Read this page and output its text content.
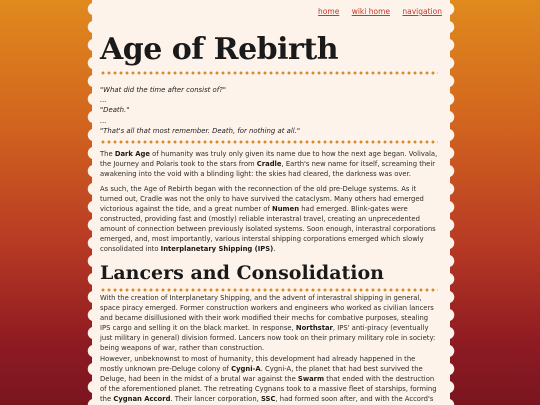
home wiki home navigation
Age of Rebirth
"What did the time after consist of?"
...
"Death."
...
"That's all that most remember. Death, for nothing at all."

The Dark Age of humanity was truly only given its name due to how the next age began. Volivala, the Journey and Polaris took to the stars from Cradle, Earth's new name for itself, screaming their awakening into the void with a blinding light: the skies had cleared, the darkness was over.

As such, the Age of Rebirth began with the reconnection of the old pre-Deluge systems. As it turned out, Cradle was not the only to have survived the cataclysm. Many others had emerged victorious against the tide, and a great number of Numen had emerged. Blink-gates were constructed, providing fast and (mostly) reliable interastral travel, creating an unprecedented amount of connection between previously isolated systems. Soon enough, interastral corporations emerged, and, most importantly, various interstal shipping corporations emerged which slowly consolidated into Interplanetary Shipping (IPS).

Lancers and Consolidation

With the creation of Interplanetary Shipping, and the advent of interastral shipping in general, space piracy emerged. Former construction workers and engineers who worked as civilian lancers and became disillusioned with their work modified their mechs for combative purposes, stealing IPS cargo and selling it on the black market. In response, Northstar, IPS' anti-piracy (eventually just military in general) division formed. Lancers now took on their primary military role in society: being weapons of war, rather than construction.

However, unbeknownst to most of humanity, this development had already happened in the mostly unknown pre-Deluge colony of Cygni-A. Cygni-A, the planet that had best survived the Deluge, had been in the midst of a brutal war against the Swarm that ended with the destruction of the aforementioned planet. The retreating Cygnans took to a massive fleet of starships, forming the Cygnan Accord. Their lancer corporation, SSC, had formed soon after, and with the Accord's
